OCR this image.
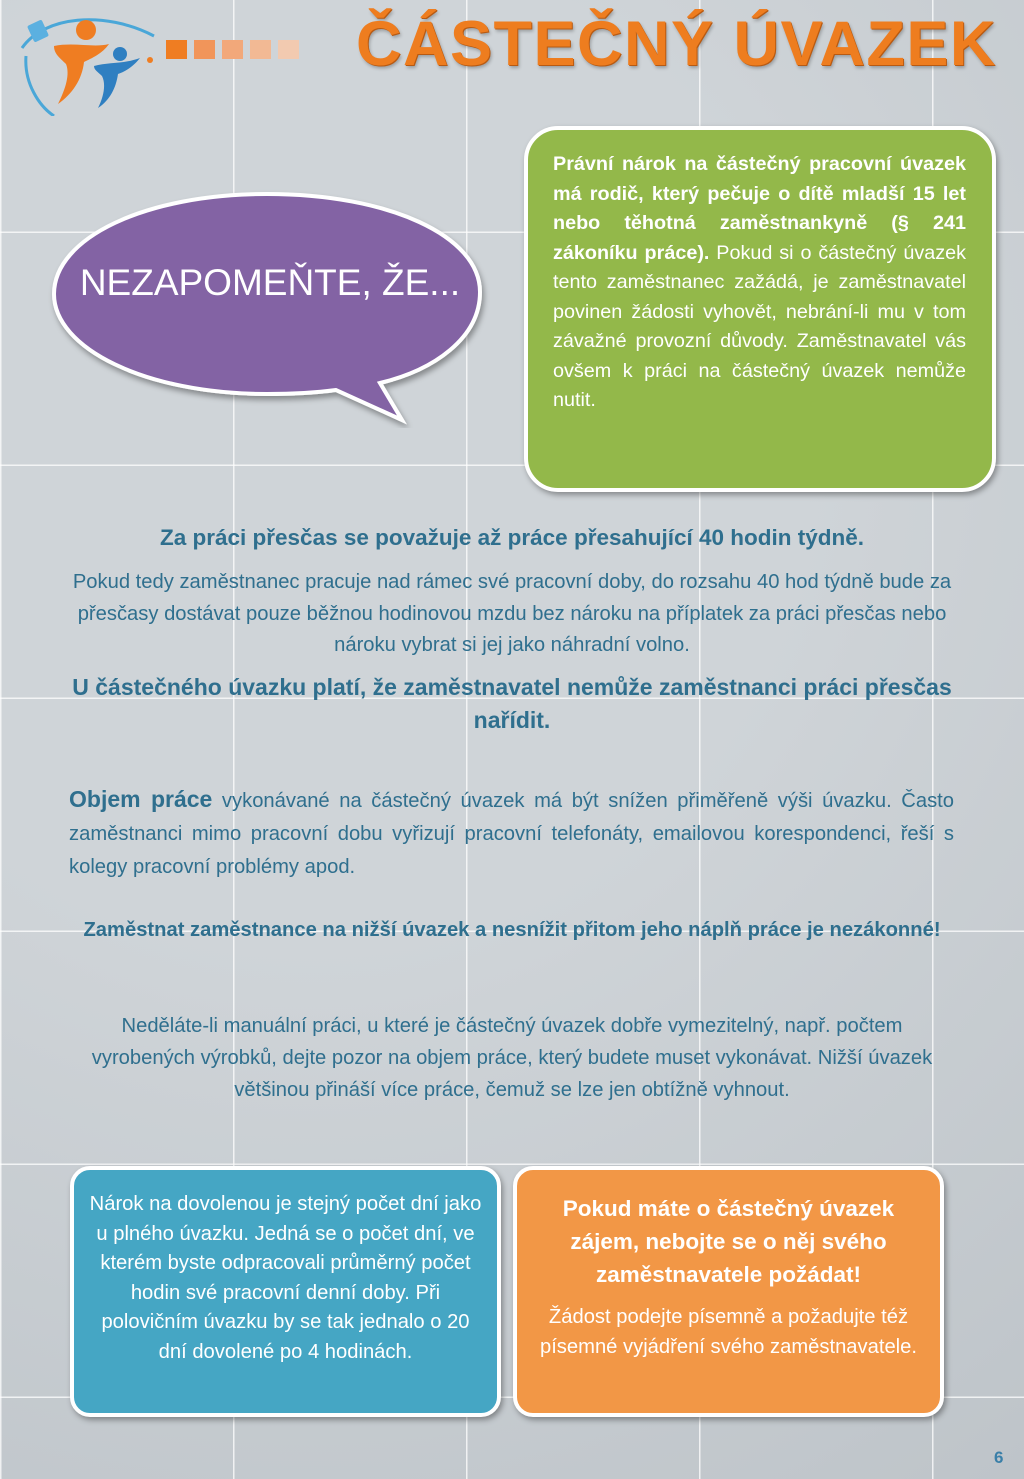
ČÁSTEČNÝ ÚVAZEK
NEZAPOMEŇTE, ŽE...
Právní nárok na částečný pracovní úvazek má rodič, který pečuje o dítě mladší 15 let nebo těhotná zaměstnankyně (§ 241 zákoníku práce). Pokud si o částečný úvazek tento zaměstnanec zažádá, je zaměstnavatel povinen žádosti vyhovět, nebrání-li mu v tom závažné provozní důvody. Zaměstnavatel vás ovšem k práci na částečný úvazek nemůže nutit.
Za práci přesčas se považuje až práce přesahující 40 hodin týdně.
Pokud tedy zaměstnanec pracuje nad rámec své pracovní doby, do rozsahu 40 hod týdně bude za přesčasy dostávat pouze běžnou hodinovou mzdu bez nároku na příplatek za práci přesčas nebo nároku vybrat si jej jako náhradní volno.
U částečného úvazku platí, že zaměstnavatel nemůže zaměstnanci práci přesčas nařídit.
Objem práce vykonávané na částečný úvazek má být snížen přiměřeně výši úvazku. Často zaměstnanci mimo pracovní dobu vyřizují pracovní telefonáty, emailovou korespondenci, řeší s kolegy pracovní problémy apod.
Zaměstnat zaměstnance na nižší úvazek a nesnížit přitom jeho náplň práce je nezákonné!
Neděláte-li manuální práci, u které je částečný úvazek dobře vymezitelný, např. počtem vyrobených výrobků, dejte pozor na objem práce, který budete muset vykonávat. Nižší úvazek většinou přináší více práce, čemuž se lze jen obtížně vyhnout.
Nárok na dovolenou je stejný počet dní jako u plného úvazku. Jedná se o počet dní, ve kterém byste odpracovali průměrný počet hodin své pracovní denní doby. Při polovičním úvazku by se tak jednalo o 20 dní dovolené po 4 hodinách.
Pokud máte o částečný úvazek zájem, nebojte se o něj svého zaměstnavatele požádat!
Žádost podejte písemně a požadujte též písemné vyjádření svého zaměstnavatele.
6
